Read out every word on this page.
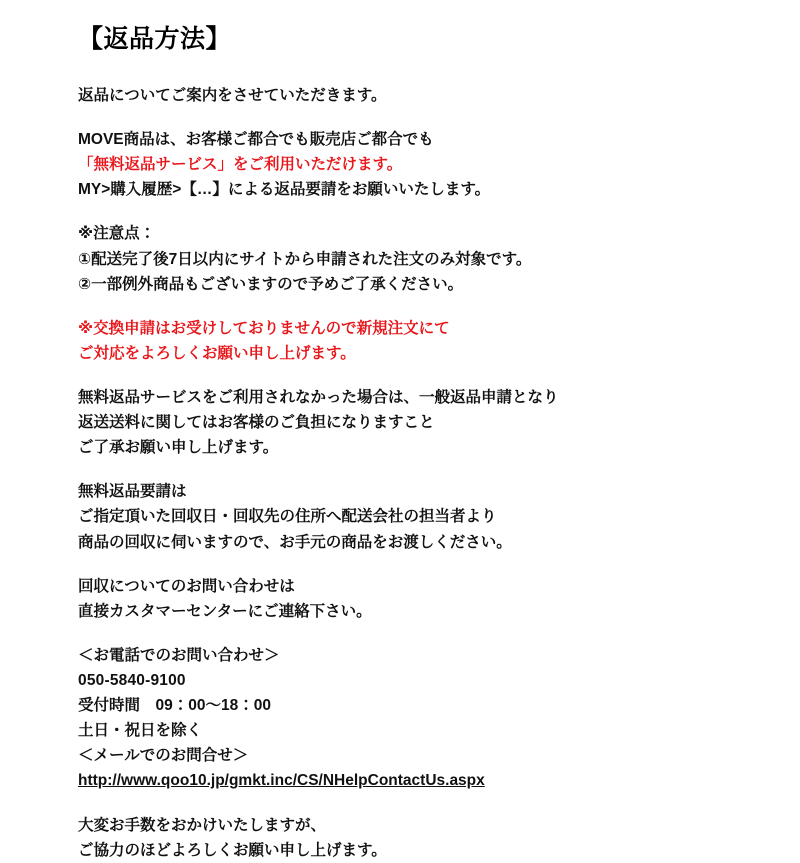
【返品方法】
返品についてご案内をさせていただきます。
MOVE商品は、お客様ご都合でも販売店ご都合でも
「無料返品サービス」をご利用いただけます。
MY>購入履歴>【…】による返品要請をお願いいたします。
※注意点：
①配送完了後7日以内にサイトから申請された注文のみ対象です。
②一部例外商品もございますので予めご了承ください。
※交換申請はお受けしておりませんので新規注文にて
ご対応をよろしくお願い申し上げます。
無料返品サービスをご利用されなかった場合は、一般返品申請となり
返送送料に関してはお客様のご負担になりますこと
ご了承お願い申し上げます。
無料返品要請は
ご指定頂いた回収日・回収先の住所へ配送会社の担当者より
商品の回収に伺いますので、お手元の商品をお渡しください。
回収についてのお問い合わせは
直接カスタマーセンターにご連絡下さい。
＜お電話でのお問い合わせ＞
050-5840-9100
受付時間　09：00〜18：00
土日・祝日を除く
＜メールでのお問合せ＞
http://www.qoo10.jp/gmkt.inc/CS/NHelpContactUs.aspx
大変お手数をおかけいたしますが、
ご協力のほどよろしくお願い申し上げます。
